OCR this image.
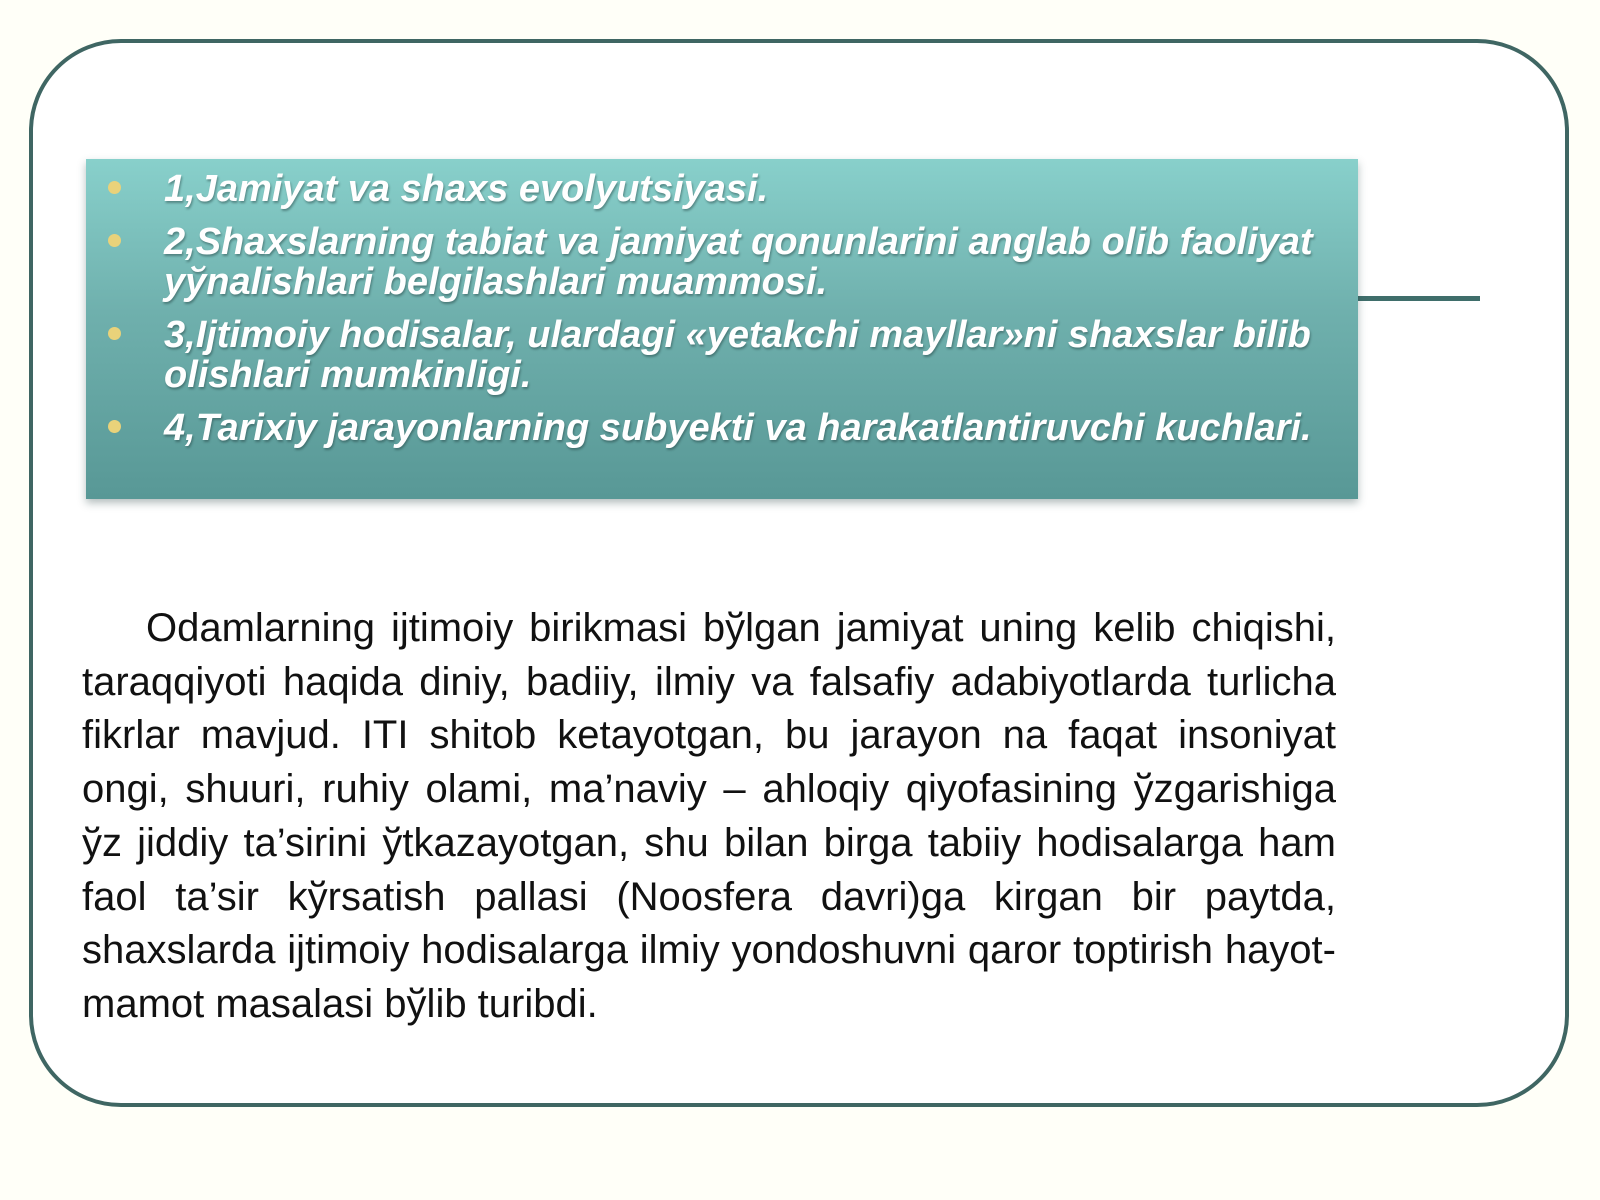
1,Jamiyat va shaxs evolyutsiyasi.
2,Shaxslarning tabiat va jamiyat qonunlarini anglab olib faoliyat yўnalishlari belgilashlari muammosi.
3,Ijtimoiy hodisalar, ulardagi «yetakchi mayllar»ni shaxslar bilib olishlari mumkinligi.
4,Tarixiy jarayonlarning subyekti va harakatlantiruvchi kuchlari.

Odamlarning ijtimoiy birikmasi bўlgan jamiyat uning kelib chiqishi, taraqqiyoti haqida diniy, badiiy, ilmiy va falsafiy adabiyotlarda turlicha fikrlar mavjud. ITI shitob ketayotgan, bu jarayon na faqat insoniyat ongi, shuuri, ruhiy olami, ma’naviy – ahloqiy qiyofasining ўzgarishiga ўz jiddiy ta’sirini ўtkazayotgan, shu bilan birga tabiiy hodisalarga ham faol ta’sir kўrsatish pallasi (Noosfera davri)ga kirgan bir paytda, shaxslarda ijtimoiy hodisalarga ilmiy yondoshuvni qaror toptirish hayot-mamot masalasi bўlib turibdi.
